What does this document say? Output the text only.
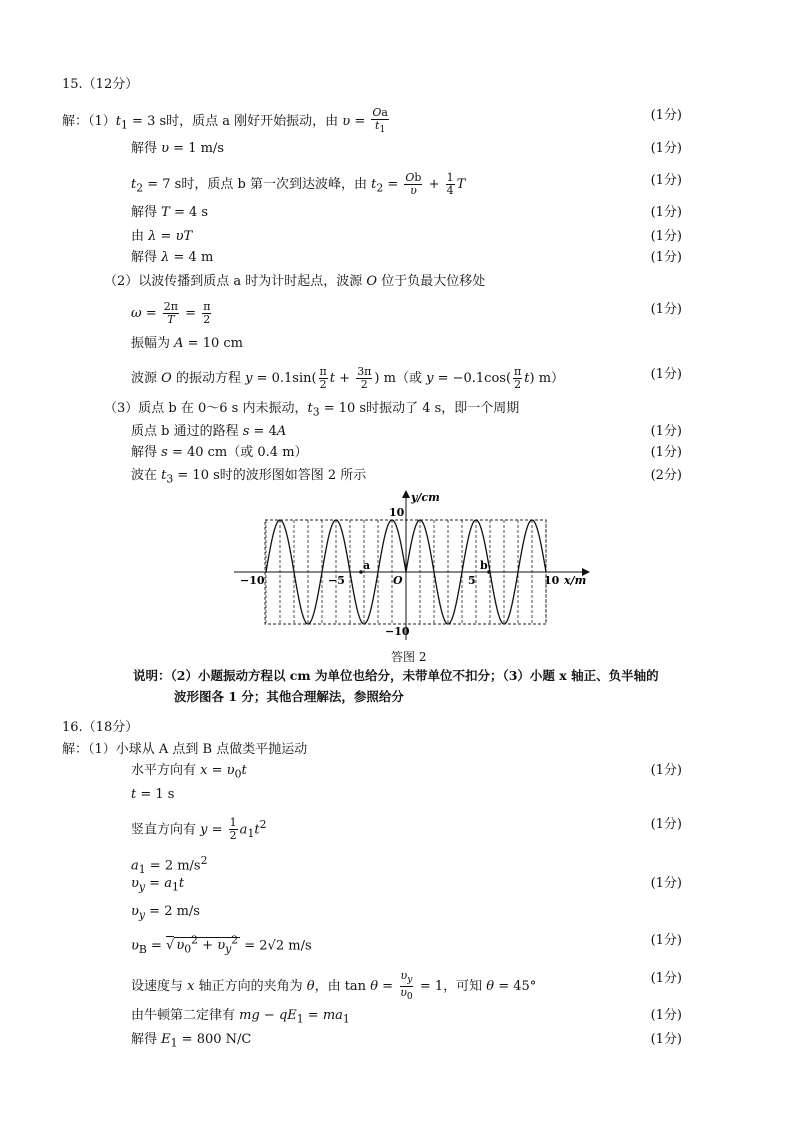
15.（12分）
解：$(1)t_1 = 3$ s时，质点 a 刚好开始振动，由 $\upsilon = \frac{Oa}{t_1}$	(1分)
解得 υ = 1 m/s	(1分)
$t_2 = 7$ s时，质点 b 第一次到达波峰，由 $t_2 = \frac{Ob}{\upsilon} + \frac{1}{4}$ T	(1分)
解得 T = 4 s	(1分)
由 λ = υT	(1分)
解得 λ = 4 m	(1分)
（2）以波传播到质点 a 时为计时起点，波源 O 位于负最大位移处
$\omega = \frac{2\pi}{T} = \frac{\pi}{2}$	(1分)
振幅为 A = 10 cm
波源 O 的振动方程 $y = 0.1\sin( \frac{\pi}{2}$ $t + \frac{3\pi}{2}$ ) m（或 $y = -0.1\cos( \frac{\pi}{2} t)$ m）	(1分)
（3）质点 b 在 0～6 s 内未振动，$t_3 = 10$ s时振动了 4 s，即一个周期
质点 b 通过的路程 s = 4A	(1分)
解得 s = 40 cm（或 0.4 m）	(1分)
波在 $t_3 = 10$ s时的波形图如答图 2 所示	(2分)
y/cm
10
−10
−10	−5	5	10
O
a	b
x/m
答图 2
说明：（2）小题振动方程以 cm 为单位也给分，未带单位不扣分；（3）小题 x 轴正、负半轴的
波形图各 1 分；其他合理解法，参照给分
16.（18分）
解：（1）小球从 A 点到 B 点做类平抛运动
水平方向有 $x = \upsilon_0t$	(1分)
t = 1 s
竖直方向有 $y = \frac{1}{2} a_1t^2$	(1分)
$a_1 = 2$ $m/s^2$
$\upsilon_y = a_1t$	(1分)
$\upsilon_y = 2$ m/s
$\upsilon_B$ = √ $\upsilon_0^2 + \upsilon_y^2 = 2√2$ m/s	(1分)
设速度与 x 轴正方向的夹角为 θ，由 $\tan \theta = \frac{\upsilon_y}{\upsilon_0} = 1$，可知 θ = 45°
(1分)
由牛顿第二定律有 mg − $qE_1 = ma_1$	(1分)
解得 $E_1 = 800$ N/C	(1分)
